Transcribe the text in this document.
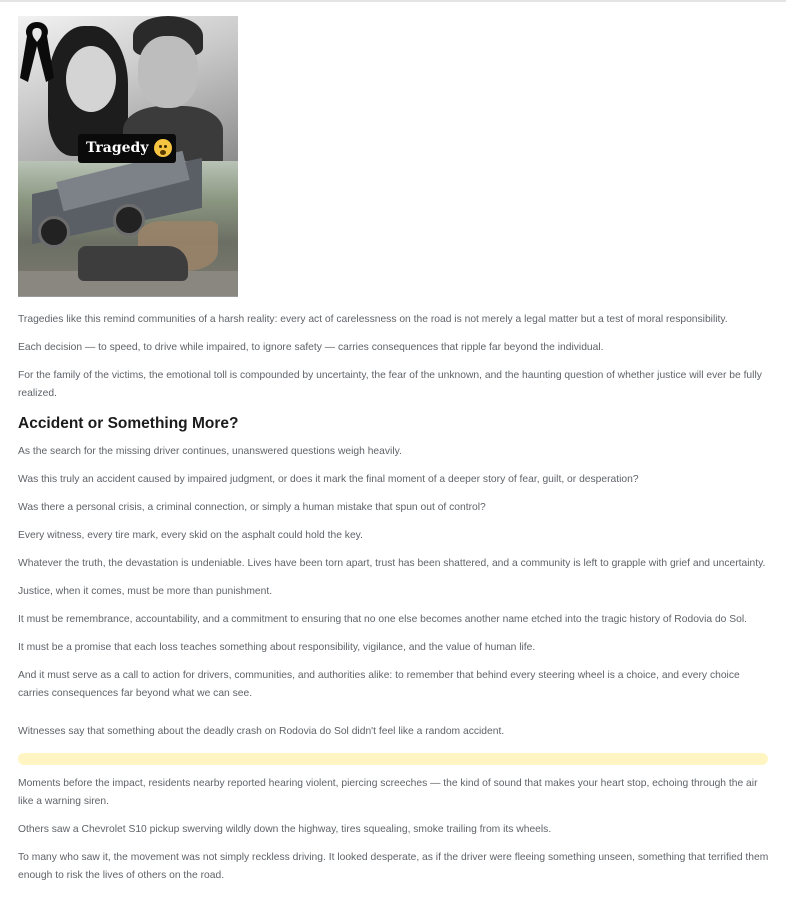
Tragedy

Tragedies like this remind communities of a harsh reality: every act of carelessness on the road is not merely a legal matter but a test of moral responsibility.

Each decision — to speed, to drive while impaired, to ignore safety — carries consequences that ripple far beyond the individual.

For the family of the victims, the emotional toll is compounded by uncertainty, the fear of the unknown, and the haunting question of whether justice will ever be fully realized.

Accident or Something More?

As the search for the missing driver continues, unanswered questions weigh heavily.

Was this truly an accident caused by impaired judgment, or does it mark the final moment of a deeper story of fear, guilt, or desperation?

Was there a personal crisis, a criminal connection, or simply a human mistake that spun out of control?

Every witness, every tire mark, every skid on the asphalt could hold the key.

Whatever the truth, the devastation is undeniable. Lives have been torn apart, trust has been shattered, and a community is left to grapple with grief and uncertainty.

Justice, when it comes, must be more than punishment.

It must be remembrance, accountability, and a commitment to ensuring that no one else becomes another name etched into the tragic history of Rodovia do Sol.

It must be a promise that each loss teaches something about responsibility, vigilance, and the value of human life.

And it must serve as a call to action for drivers, communities, and authorities alike: to remember that behind every steering wheel is a choice, and every choice carries consequences far beyond what we can see.

Witnesses say that something about the deadly crash on Rodovia do Sol didn't feel like a random accident.

Moments before the impact, residents nearby reported hearing violent, piercing screeches — the kind of sound that makes your heart stop, echoing through the air like a warning siren.

Others saw a Chevrolet S10 pickup swerving wildly down the highway, tires squealing, smoke trailing from its wheels.

To many who saw it, the movement was not simply reckless driving. It looked desperate, as if the driver were fleeing something unseen, something that terrified them enough to risk the lives of others on the road.
